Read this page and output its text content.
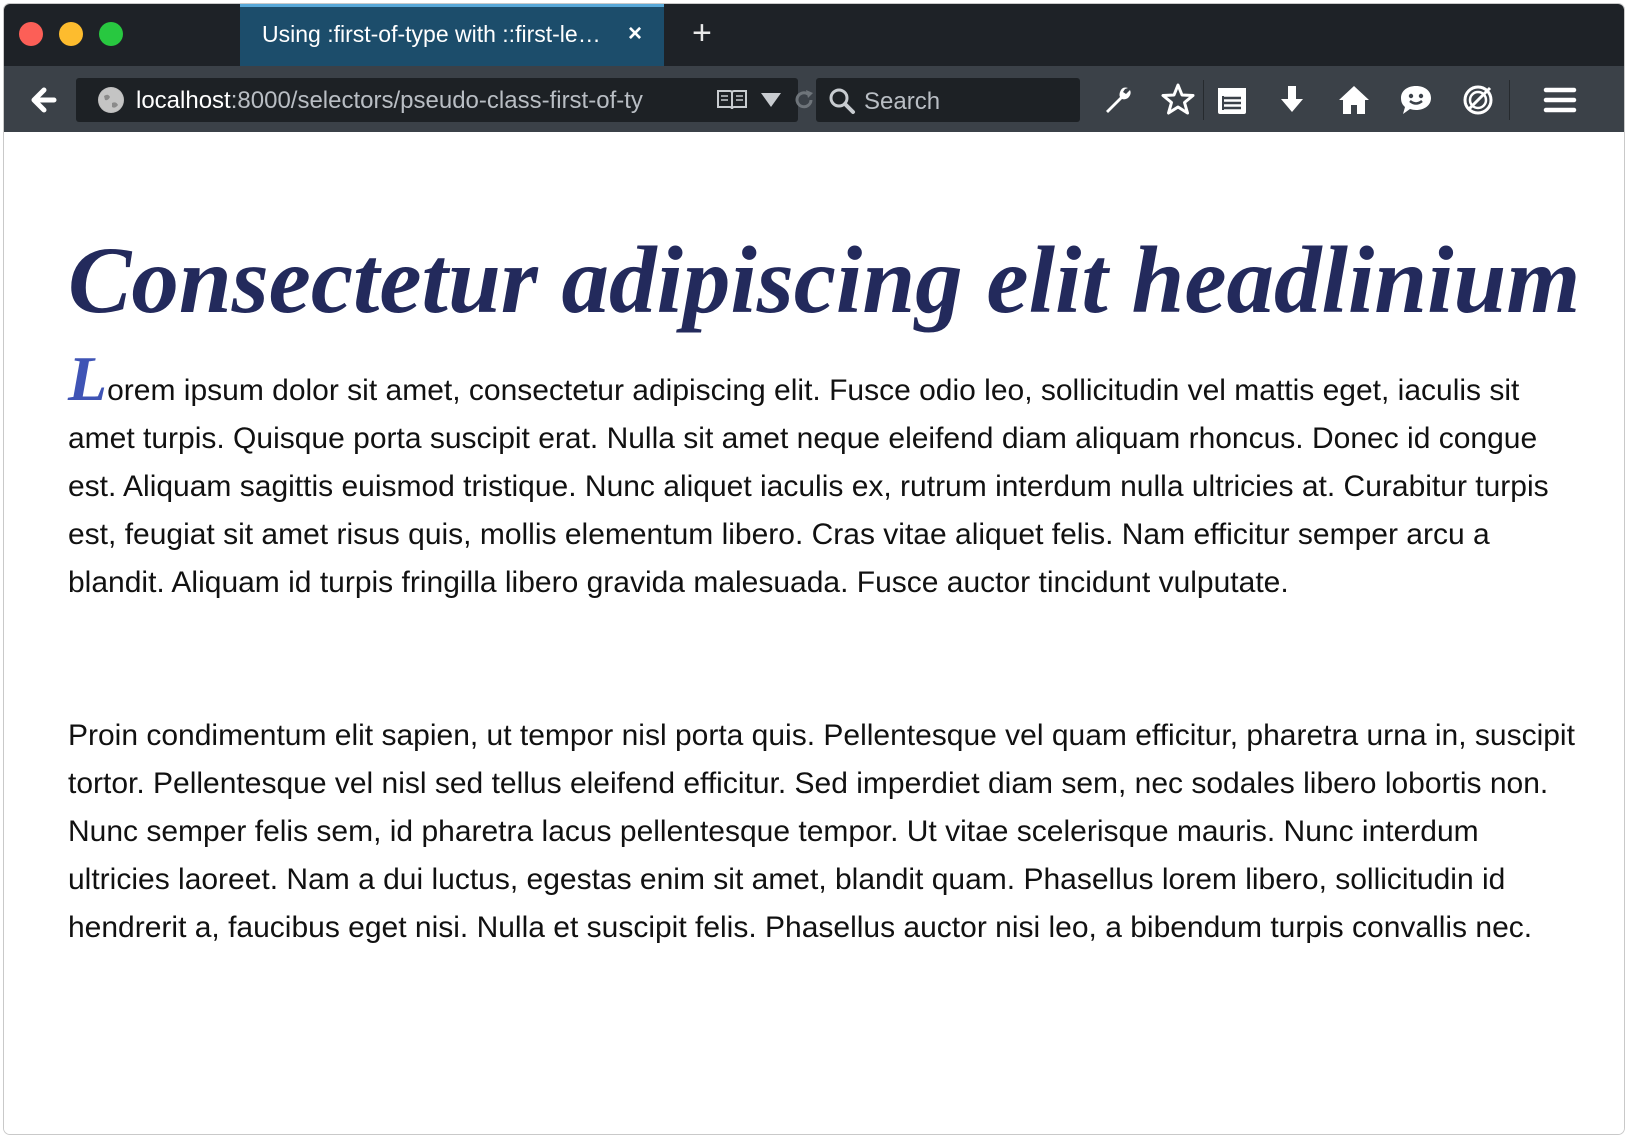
Using :first-of-type with ::first-let…	× +
localhost:8000/selectors/pseudo-class-first-of-ty	Search
Consectetur adipiscing elit headlinium

Lorem ipsum dolor sit amet, consectetur adipiscing elit. Fusce odio leo, sollicitudin vel mattis eget, iaculis sit amet turpis. Quisque porta suscipit erat. Nulla sit amet neque eleifend diam aliquam rhoncus. Donec id congue est. Aliquam sagittis euismod tristique. Nunc aliquet iaculis ex, rutrum interdum nulla ultricies at. Curabitur turpis est, feugiat sit amet risus quis, mollis elementum libero. Cras vitae aliquet felis. Nam efficitur semper arcu a blandit. Aliquam id turpis fringilla libero gravida malesuada. Fusce auctor tincidunt vulputate.

Proin condimentum elit sapien, ut tempor nisl porta quis. Pellentesque vel quam efficitur, pharetra urna in, suscipit tortor. Pellentesque vel nisl sed tellus eleifend efficitur. Sed imperdiet diam sem, nec sodales libero lobortis non. Nunc semper felis sem, id pharetra lacus pellentesque tempor. Ut vitae scelerisque mauris. Nunc interdum ultricies laoreet. Nam a dui luctus, egestas enim sit amet, blandit quam. Phasellus lorem libero, sollicitudin id hendrerit a, faucibus eget nisi. Nulla et suscipit felis. Phasellus auctor nisi leo, a bibendum turpis convallis nec.
